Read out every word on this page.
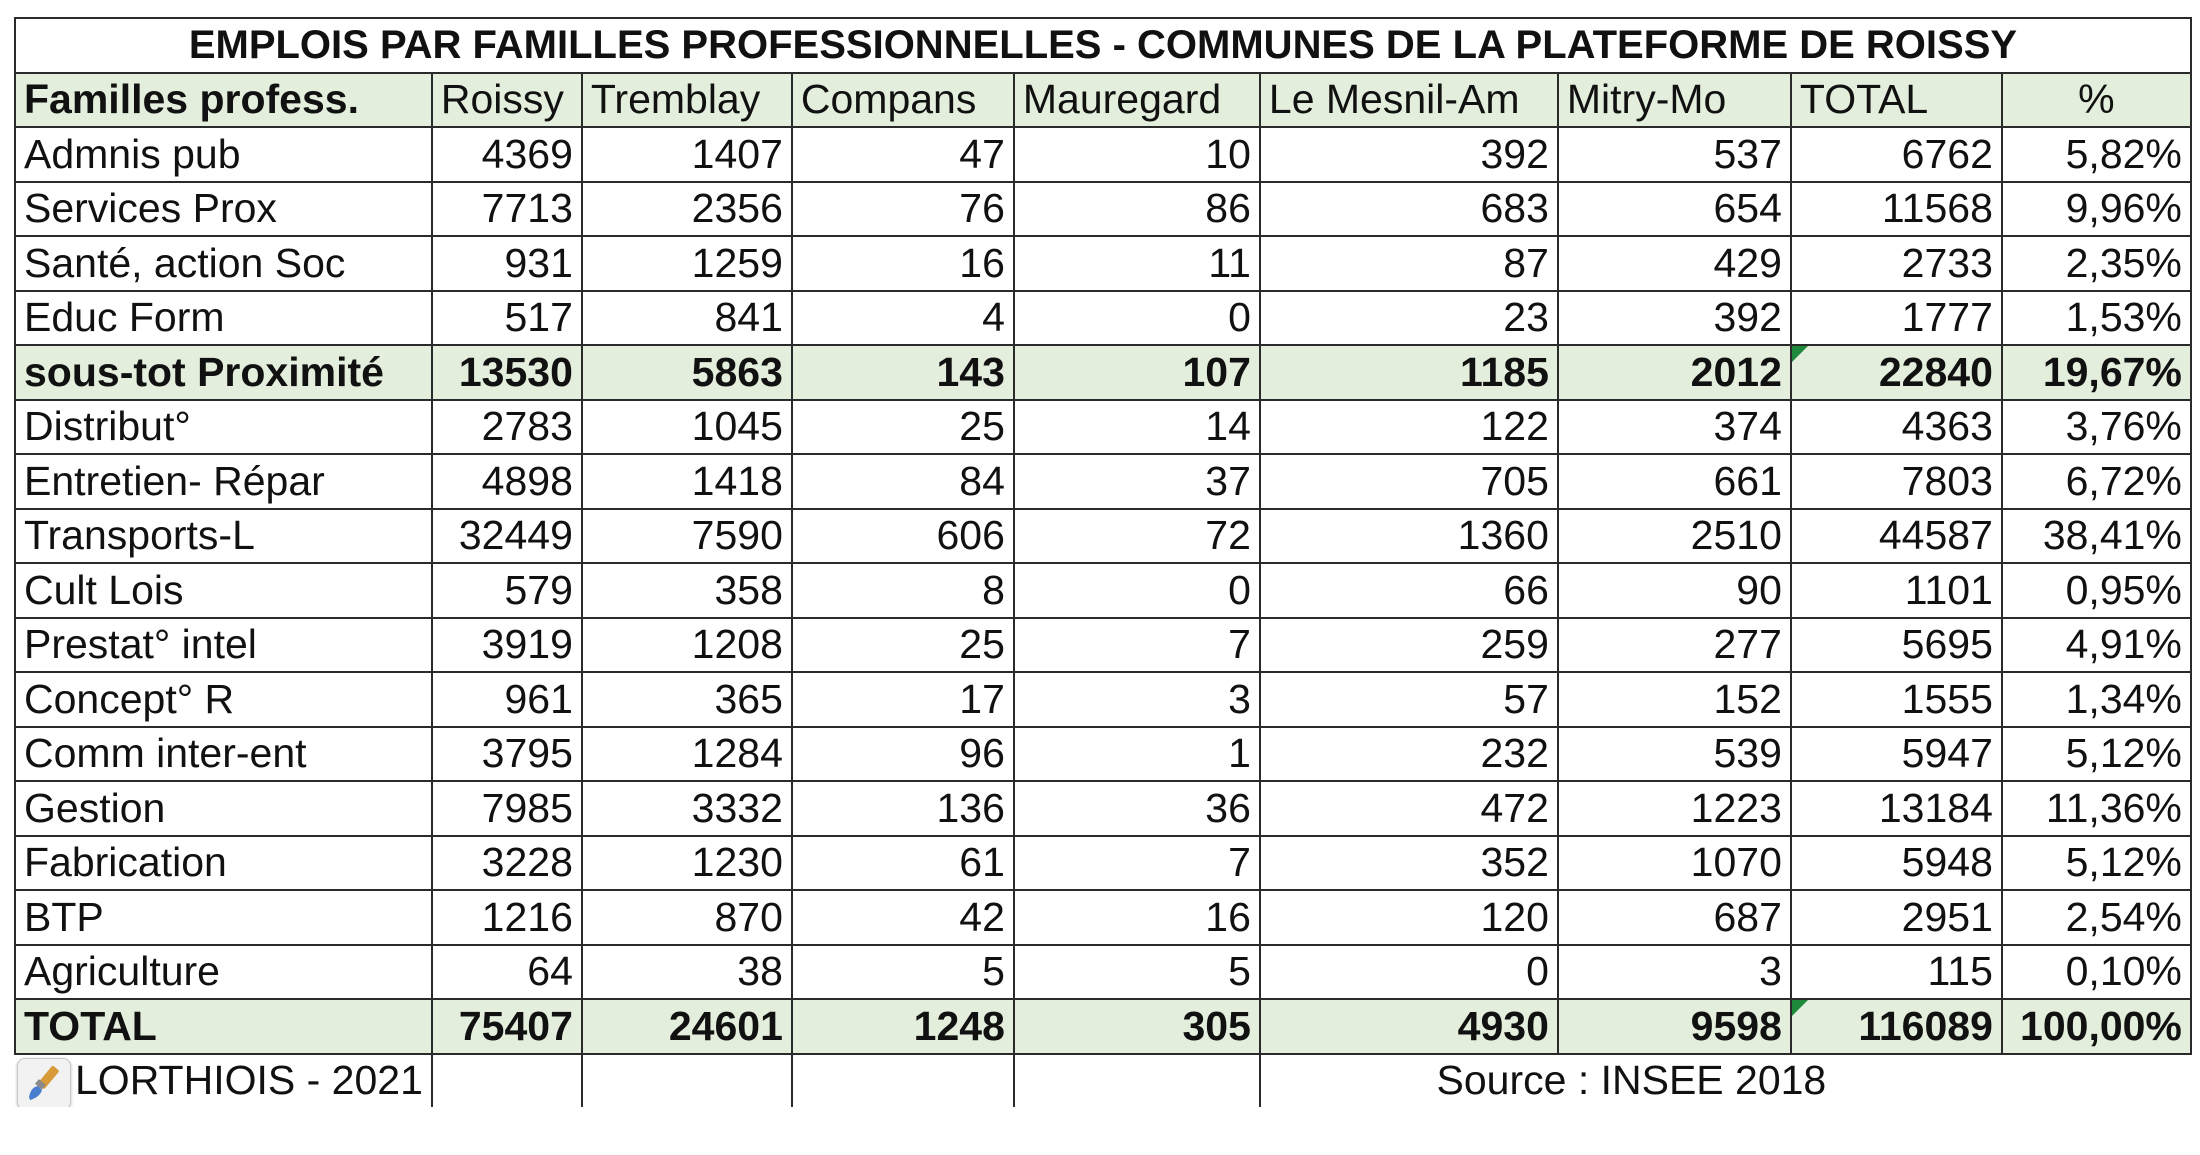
EMPLOIS PAR FAMILLES PROFESSIONNELLES - COMMUNES DE LA PLATEFORME DE ROISSY								
Familles profess.	Roissy	Tremblay	Compans	Mauregard	Le Mesnil-Am	Mitry-Mo	TOTAL	%
Admnis pub	4369	1407	47	10	392	537	6762	5,82%
Services Prox	7713	2356	76	86	683	654	11568	9,96%
Santé, action Soc	931	1259	16	11	87	429	2733	2,35%
Educ Form	517	841	4	0	23	392	1777	1,53%
sous-tot Proximité	13530	5863	143	107	1185	2012	22840	19,67%
Distribut°	2783	1045	25	14	122	374	4363	3,76%
Entretien- Répar	4898	1418	84	37	705	661	7803	6,72%
Transports-L	32449	7590	606	72	1360	2510	44587	38,41%
Cult Lois	579	358	8	0	66	90	1101	0,95%
Prestat° intel	3919	1208	25	7	259	277	5695	4,91%
Concept° R	961	365	17	3	57	152	1555	1,34%
Comm inter-ent	3795	1284	96	1	232	539	5947	5,12%
Gestion	7985	3332	136	36	472	1223	13184	11,36%
Fabrication	3228	1230	61	7	352	1070	5948	5,12%
BTP	1216	870	42	16	120	687	2951	2,54%
Agriculture	64	38	5	5	0	3	115	0,10%
TOTAL	75407	24601	1248	305	4930	9598	116089	100,00%
LORTHIOIS - 2021					Source : INSEE 2018			
